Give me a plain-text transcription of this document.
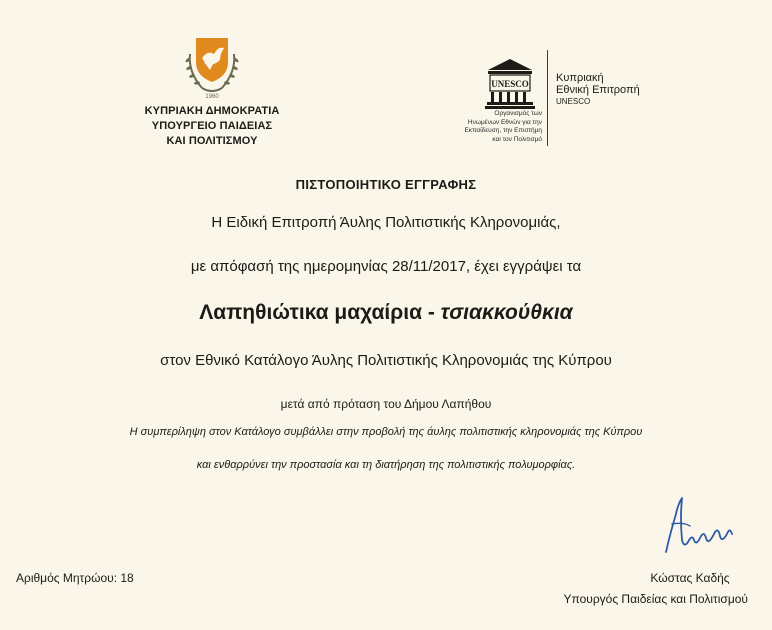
1960
ΚΥΠΡΙΑΚΗ ΔΗΜΟΚΡΑΤΙΑ
ΥΠΟΥΡΓΕΙΟ ΠΑΙΔΕΙΑΣ
ΚΑΙ ΠΟΛΙΤΙΣΜΟΥ
UNESCO
Οργανισμός των
Ηνωμένων Εθνών για την
Εκπαίδευση, την Επιστήμη
και τον Πολιτισμό
Κυπριακή
Εθνική Επιτροπή
UNESCO
ΠΙΣΤΟΠΟΙΗΤΙΚΟ ΕΓΓΡΑΦΗΣ
Η Ειδική Επιτροπή Άυλης Πολιτιστικής Κληρονομιάς,
με απόφασή της ημερομηνίας 28/11/2017, έχει εγγράψει τα
Λαπηθιώτικα μαχαίρια - τσιακκούθκια
στον Εθνικό Κατάλογο Άυλης Πολιτιστικής Κληρονομιάς της Κύπρου
μετά από πρόταση του Δήμου Λαπήθου
Η συμπερίληψη στον Κατάλογο συμβάλλει στην προβολή της άυλης πολιτιστικής κληρονομιάς της Κύπρου
και ενθαρρύνει την προστασία και τη διατήρηση της πολιτιστικής πολυμορφίας.
Αριθμός Μητρώου: 18	Κώστας Καδής
Υπουργός Παιδείας και Πολιτισμού
